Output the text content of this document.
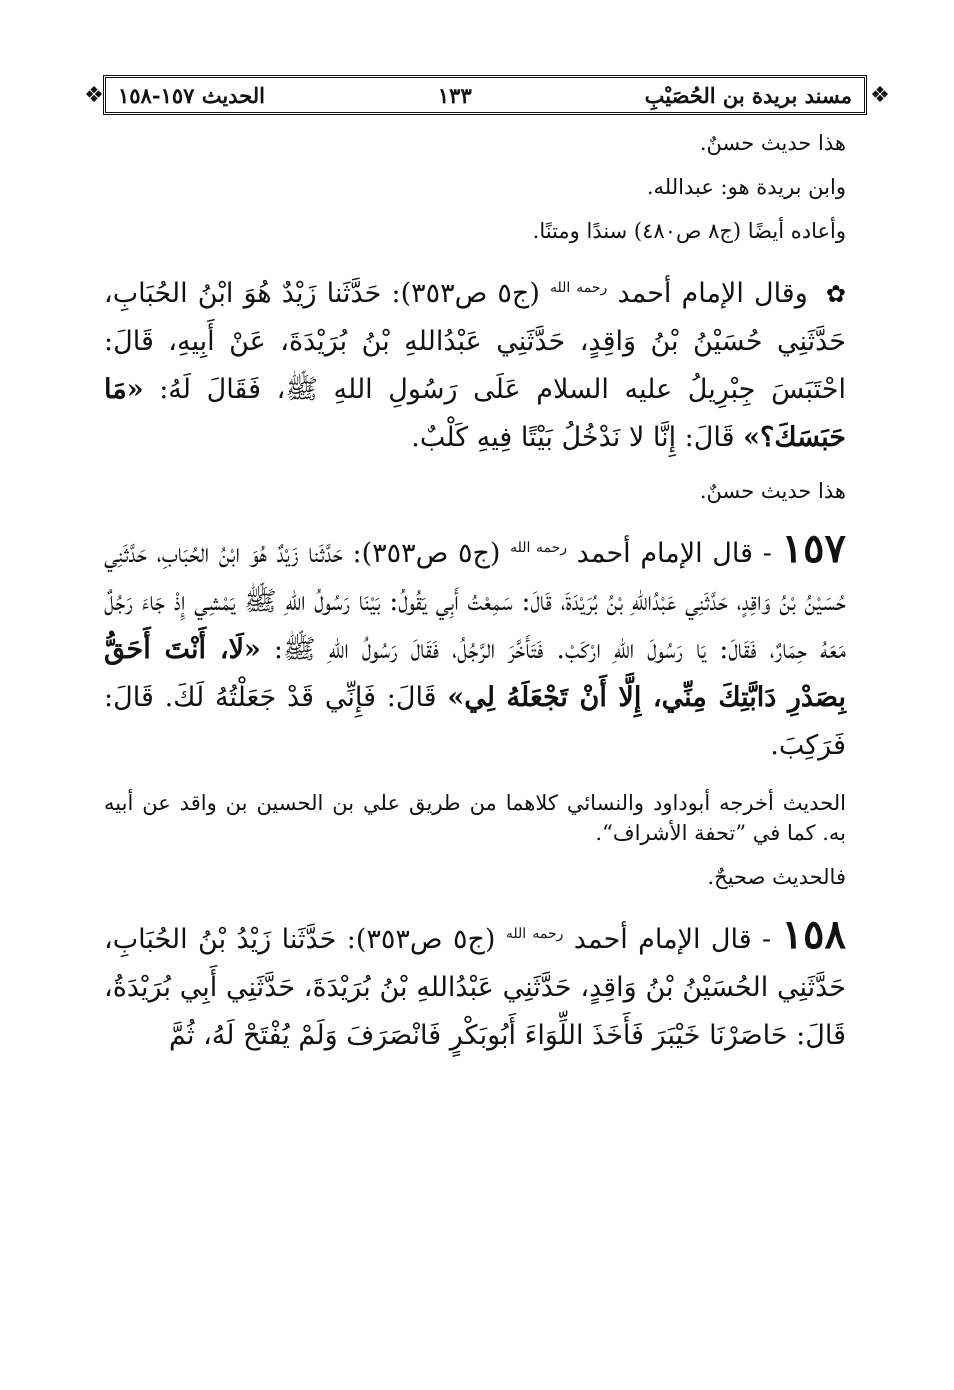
❖
مسند بريدة بن الحُصَيْبِ
١٣٣
الحديث ١٥٧-١٥٨
❖

هذا حديث حسنٌ.

وابن بريدة هو: عبدالله.

وأعاده أيضًا (ج٨ ص٤٨٠) سندًا ومتنًا.

✿ وقال الإمام أحمد $^{رحمه الله}$ (ج٥ ص٣٥٣): حَدَّثَنا زَيْدٌ هُوَ ابْنُ الحُبَابِ، حَدَّثَنِي حُسَيْنُ بْنُ وَاقِدٍ، حَدَّثَنِي عَبْدُاللهِ بْنُ بُرَيْدَةَ، عَنْ أَبِيهِ، قَالَ: احْتَبَسَ جِبْرِيلُ عليه السلام عَلَى رَسُولِ اللهِ ﷺ، فَقَالَ لَهُ: «مَا حَبَسَكَ؟» قَالَ: إِنَّا لا نَدْخُلُ بَيْتًا فِيهِ كَلْبٌ.

هذا حديث حسنٌ.

١٥٧ - قال الإمام أحمد $^{رحمه الله}$ (ج٥ ص٣٥٣): حَدَّثَنا زَيْدٌ هُوَ ابْنُ الحُبَابِ، حَدَّثَنِي حُسَيْنُ بْنُ وَاقِدٍ، حَدَّثَنِي عَبْدُاللهِ بْنُ بُرَيْدَةَ، قَالَ: سَمِعْتُ أَبِي يَقُولُ: بَيْنَا رَسُولُ اللهِ ﷺ يَمْشِي إِذْ جَاءَ رَجُلٌ مَعَهُ حِمَارٌ، فَقَالَ: يَا رَسُولَ اللهِ ارْكَبْ. فَتَأَخَّرَ الرَّجُلُ، فَقَالَ رَسُولُ اللهِ ﷺ: «لَا، أَنْتَ أَحَقُّ بِصَدْرِ دَابَّتِكَ مِنِّي، إِلَّا أَنْ تَجْعَلَهُ لِي» قَالَ: فَإِنِّي قَدْ جَعَلْتُهُ لَكَ. قَالَ: فَرَكِبَ.

الحديث أخرجه أبوداود والنسائي كلاهما من طريق علي بن الحسين بن واقد عن أبيه به. كما في ”تحفة الأشراف“.

فالحديث صحيحٌ.

١٥٨ - قال الإمام أحمد $^{رحمه الله}$ (ج٥ ص٣٥٣): حَدَّثَنا زَيْدُ بْنُ الحُبَابِ، حَدَّثَنِي الحُسَيْنُ بْنُ وَاقِدٍ، حَدَّثَنِي عَبْدُاللهِ بْنُ بُرَيْدَةَ، حَدَّثَنِي أَبِي بُرَيْدَةُ، قَالَ: حَاصَرْنَا خَيْبَرَ فَأَخَذَ اللِّوَاءَ أَبُوبَكْرٍ فَانْصَرَفَ وَلَمْ يُفْتَحْ لَهُ، ثُمَّ
